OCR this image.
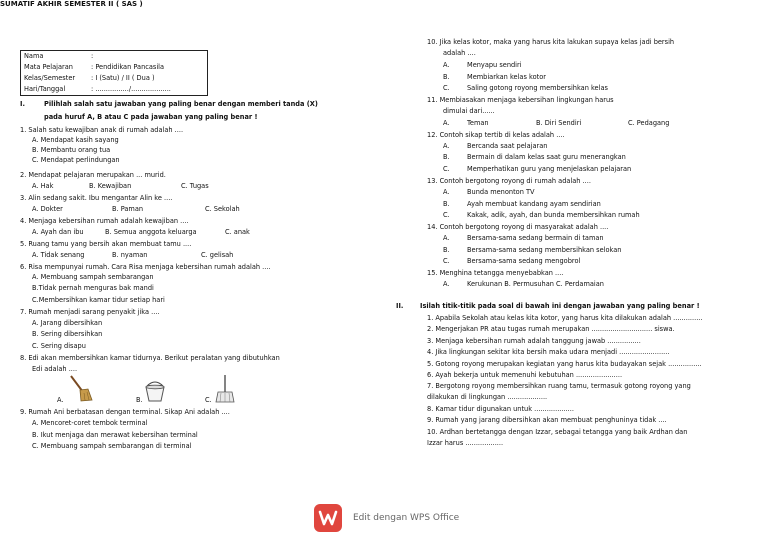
SUMATIF AKHIR SEMESTER II ( SAS )
Nama	:
Mata Pelajaran	: Pendidikan Pancasila
Kelas/Semester : I (Satu) / II ( Dua )
Hari/Tanggal	: ................/...................
I.	Pilihlah salah satu jawaban yang paling benar dengan memberi tanda (X)
pada huruf A, B atau C pada jawaban yang paling benar !
1. Salah satu kewajiban anak di rumah adalah ....
A. Mendapat kasih sayang
B. Membantu orang tua
C. Mendapat perlindungan
2. Mendapat pelajaran merupakan ... murid.
A. Hak	B. Kewajiban	C. Tugas
3. Alin sedang sakit. Ibu mengantar Alin ke ....
A. Dokter	B. Paman	C. Sekolah
4. Menjaga kebersihan rumah adalah kewajiban ....
A. Ayah dan ibu	B. Semua anggota keluarga	C. anak
5. Ruang tamu yang bersih akan membuat tamu ....
A. Tidak senang	B. nyaman	C. gelisah
6. Risa mempunyai rumah. Cara Risa menjaga kebersihan rumah adalah ....
A. Membuang sampah sembarangan
B.Tidak pernah menguras bak mandi
C.Membersihkan kamar tidur setiap hari
7. Rumah menjadi sarang penyakit jika ....
A. Jarang dibersihkan
B. Sering dibersihkan
C. Sering disapu
8. Edi akan membersihkan kamar tidurnya. Berikut peralatan yang dibutuhkan
Edi adalah ....
A.	B.	C.
9. Rumah Ani berbatasan dengan terminal. Sikap Ani adalah ....
A. Mencoret-coret tembok terminal
B. Ikut menjaga dan merawat kebersihan terminal
C. Membuang sampah sembarangan di terminal
10. Jika kelas kotor, maka yang harus kita lakukan supaya kelas jadi bersih
adalah ....
A.	Menyapu sendiri
B.	Membiarkan kelas kotor
C.	Saling gotong royong membersihkan kelas
11. Membiasakan menjaga kebersihan lingkungan harus
dimulai dari......
A.	Teman	B. Diri Sendiri	C. Pedagang
12. Contoh sikap tertib di kelas adalah ....
A.	Bercanda saat pelajaran
B.	Bermain di dalam kelas saat guru menerangkan
C.	Memperhatikan guru yang menjelaskan pelajaran
13. Contoh bergotong royong di rumah adalah ....
A.	Bunda menonton TV
B.	Ayah membuat kandang ayam sendirian
C.	Kakak, adik, ayah, dan bunda membersihkan rumah
14. Contoh bergotong royong di masyarakat adalah ....
A.	Bersama-sama sedang bermain di taman
B.	Bersama-sama sedang membersihkan selokan
C.	Bersama-sama sedang mengobrol
15. Menghina tetangga menyebabkan ....
A.	Kerukunan B. Permusuhan C. Perdamaian
II.	Isilah titik-titik pada soal di bawah ini dengan jawaban yang paling benar !
1. Apabila Sekolah atau kelas kita kotor, yang harus kita dilakukan adalah ..............
2. Mengerjakan PR atau tugas rumah merupakan ............................. siswa.
3. Menjaga kebersihan rumah adalah tanggung jawab ................
4. Jika lingkungan sekitar kita bersih maka udara menjadi ........................
5. Gotong royong merupakan kegiatan yang harus kita budayakan sejak ................
6. Ayah bekerja untuk memenuhi kebutuhan ......................
7. Bergotong royong membersihkan ruang tamu, termasuk gotong royong yang
dilakukan di lingkungan ...................
8. Kamar tidur digunakan untuk ...................
9. Rumah yang jarang dibersihkan akan membuat penghuninya tidak ....
10. Ardhan bertetangga dengan Izzar, sebagai tetangga yang baik Ardhan dan
Izzar harus ..................
Edit dengan WPS Office
